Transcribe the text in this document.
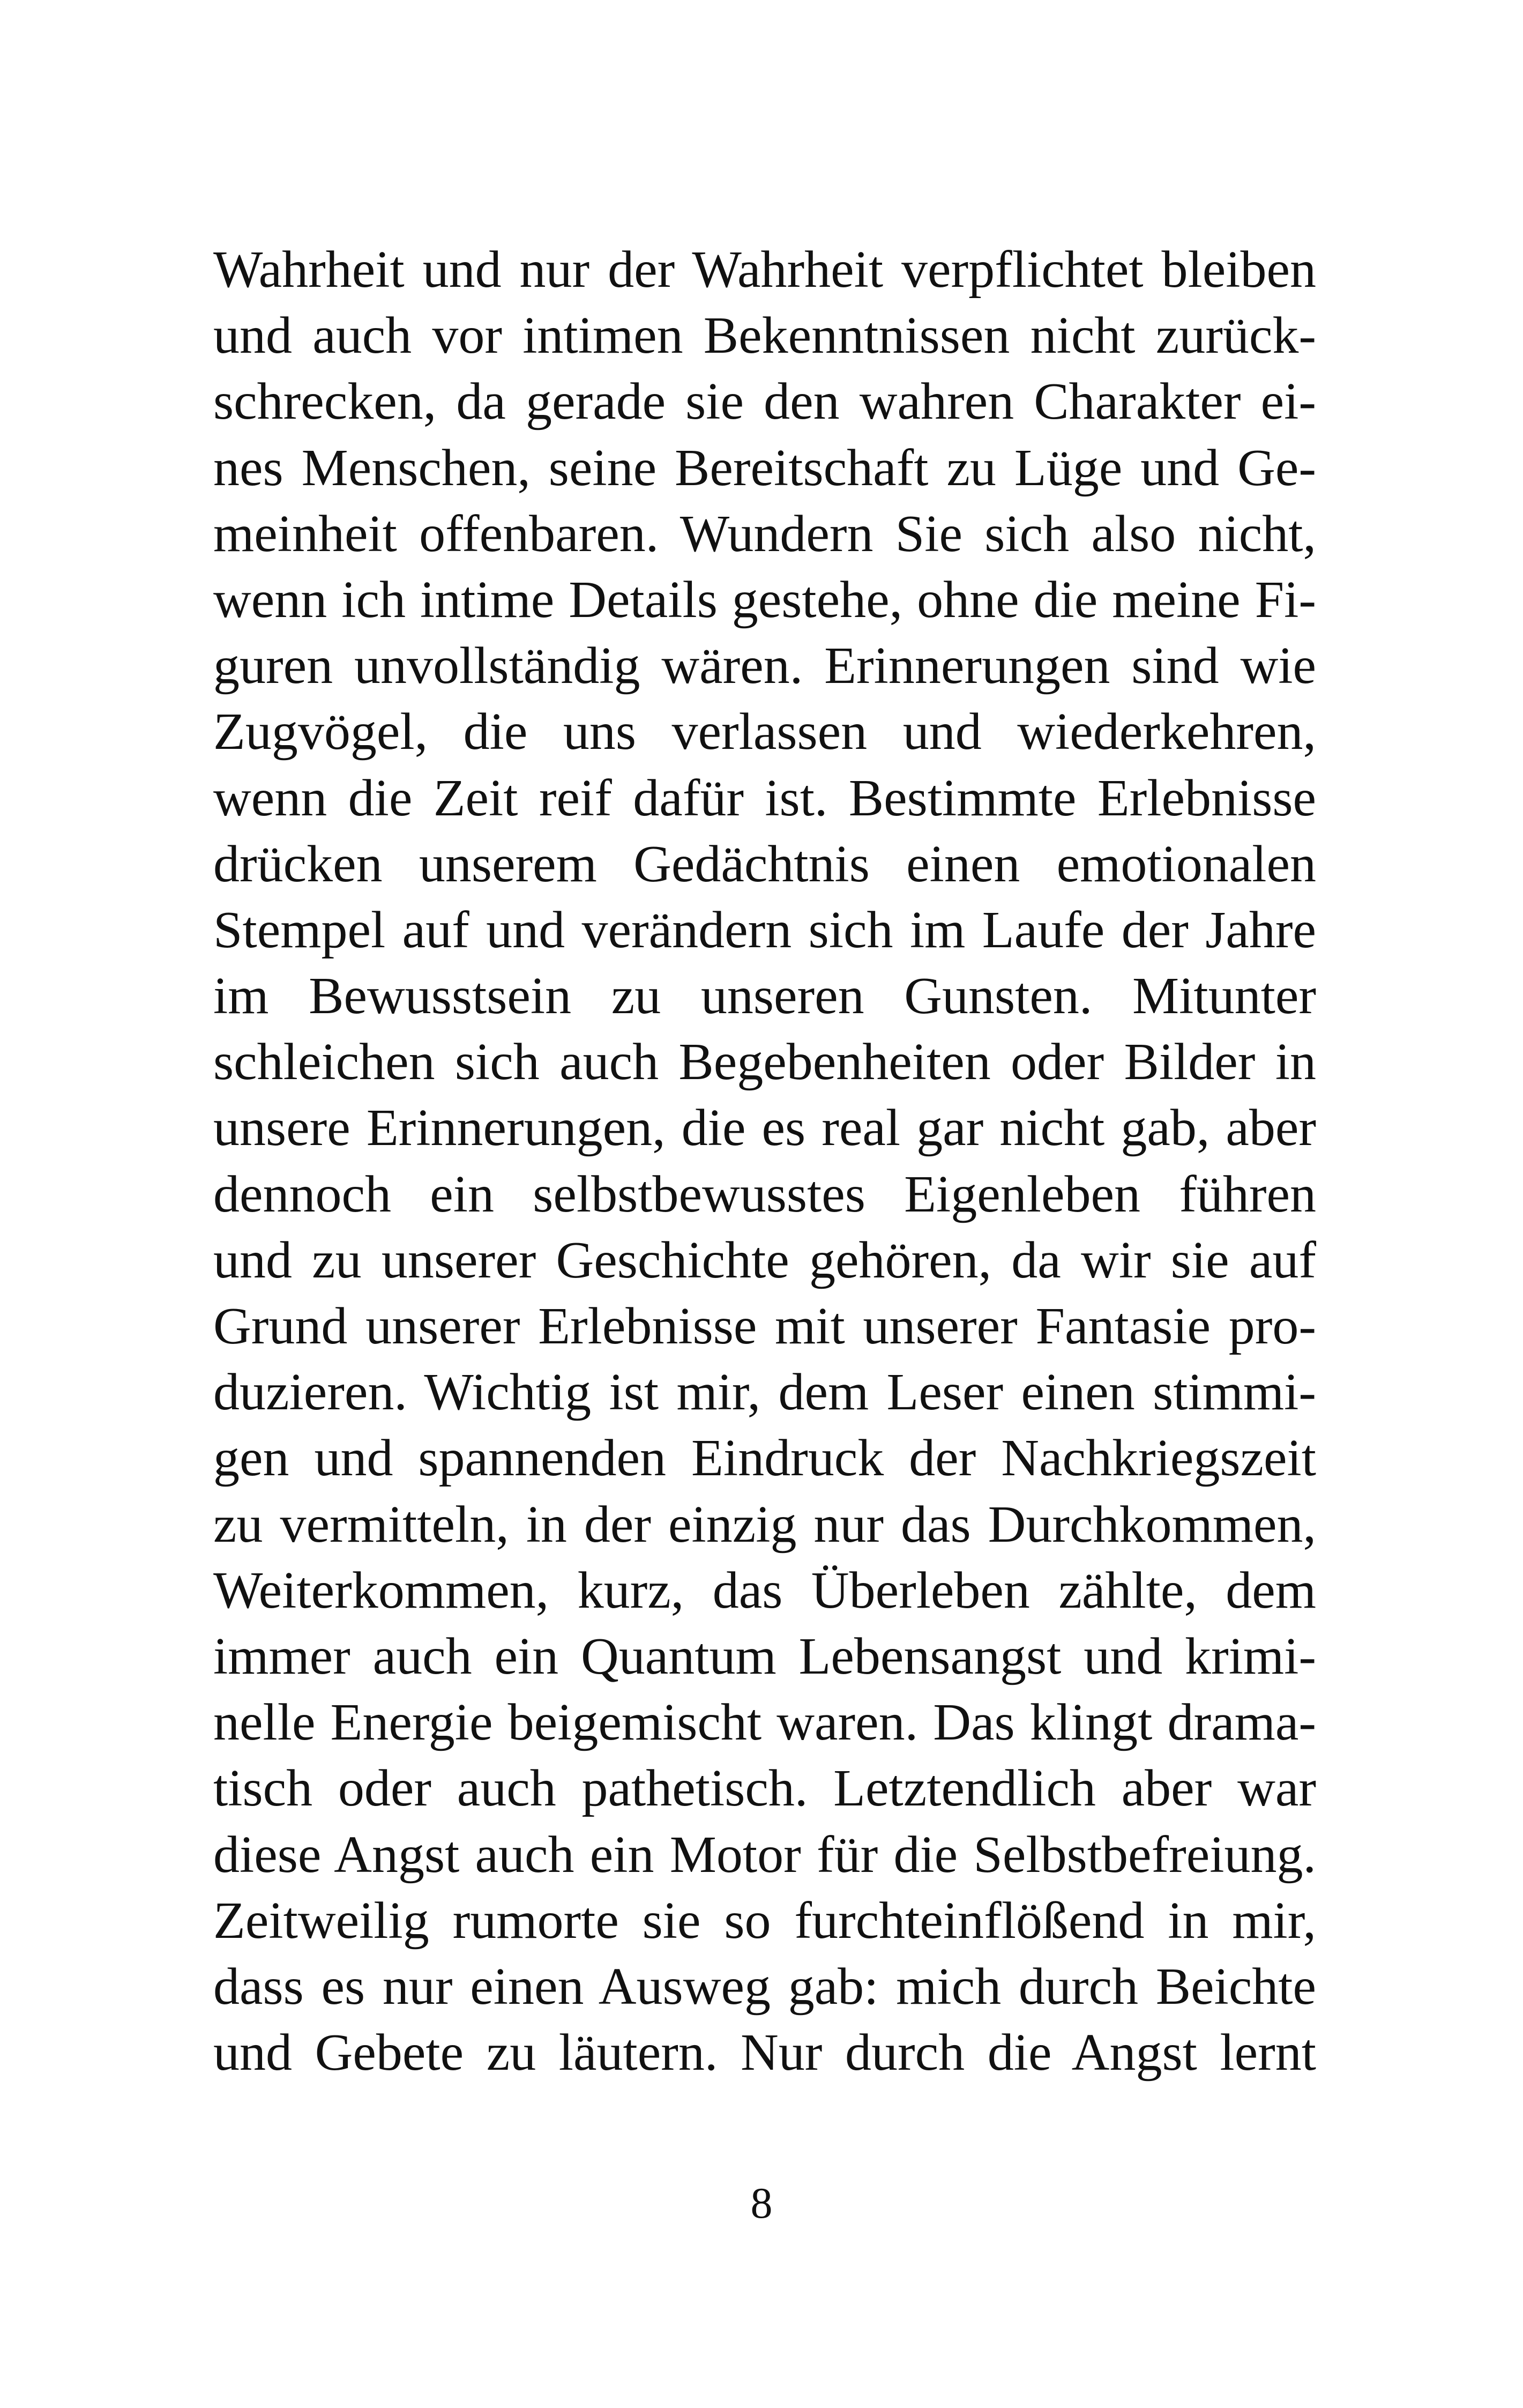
Wahrheit und nur der Wahrheit verpflichtet bleiben
und auch vor intimen Bekenntnissen nicht zurück-
schrecken, da gerade sie den wahren Charakter ei-
nes Menschen, seine Bereitschaft zu Lüge und Ge-
meinheit offenbaren. Wundern Sie sich also nicht,
wenn ich intime Details gestehe, ohne die meine Fi-
guren unvollständig wären. Erinnerungen sind wie
Zugvögel, die uns verlassen und wiederkehren,
wenn die Zeit reif dafür ist. Bestimmte Erlebnisse
drücken unserem Gedächtnis einen emotionalen
Stempel auf und verändern sich im Laufe der Jahre
im Bewusstsein zu unseren Gunsten. Mitunter
schleichen sich auch Begebenheiten oder Bilder in
unsere Erinnerungen, die es real gar nicht gab, aber
dennoch ein selbstbewusstes Eigenleben führen
und zu unserer Geschichte gehören, da wir sie auf
Grund unserer Erlebnisse mit unserer Fantasie pro-
duzieren. Wichtig ist mir, dem Leser einen stimmi-
gen und spannenden Eindruck der Nachkriegszeit
zu vermitteln, in der einzig nur das Durchkommen,
Weiterkommen, kurz, das Überleben zählte, dem
immer auch ein Quantum Lebensangst und krimi-
nelle Energie beigemischt waren. Das klingt drama-
tisch oder auch pathetisch. Letztendlich aber war
diese Angst auch ein Motor für die Selbstbefreiung.
Zeitweilig rumorte sie so furchteinflößend in mir,
dass es nur einen Ausweg gab: mich durch Beichte
und Gebete zu läutern. Nur durch die Angst lernt
8
